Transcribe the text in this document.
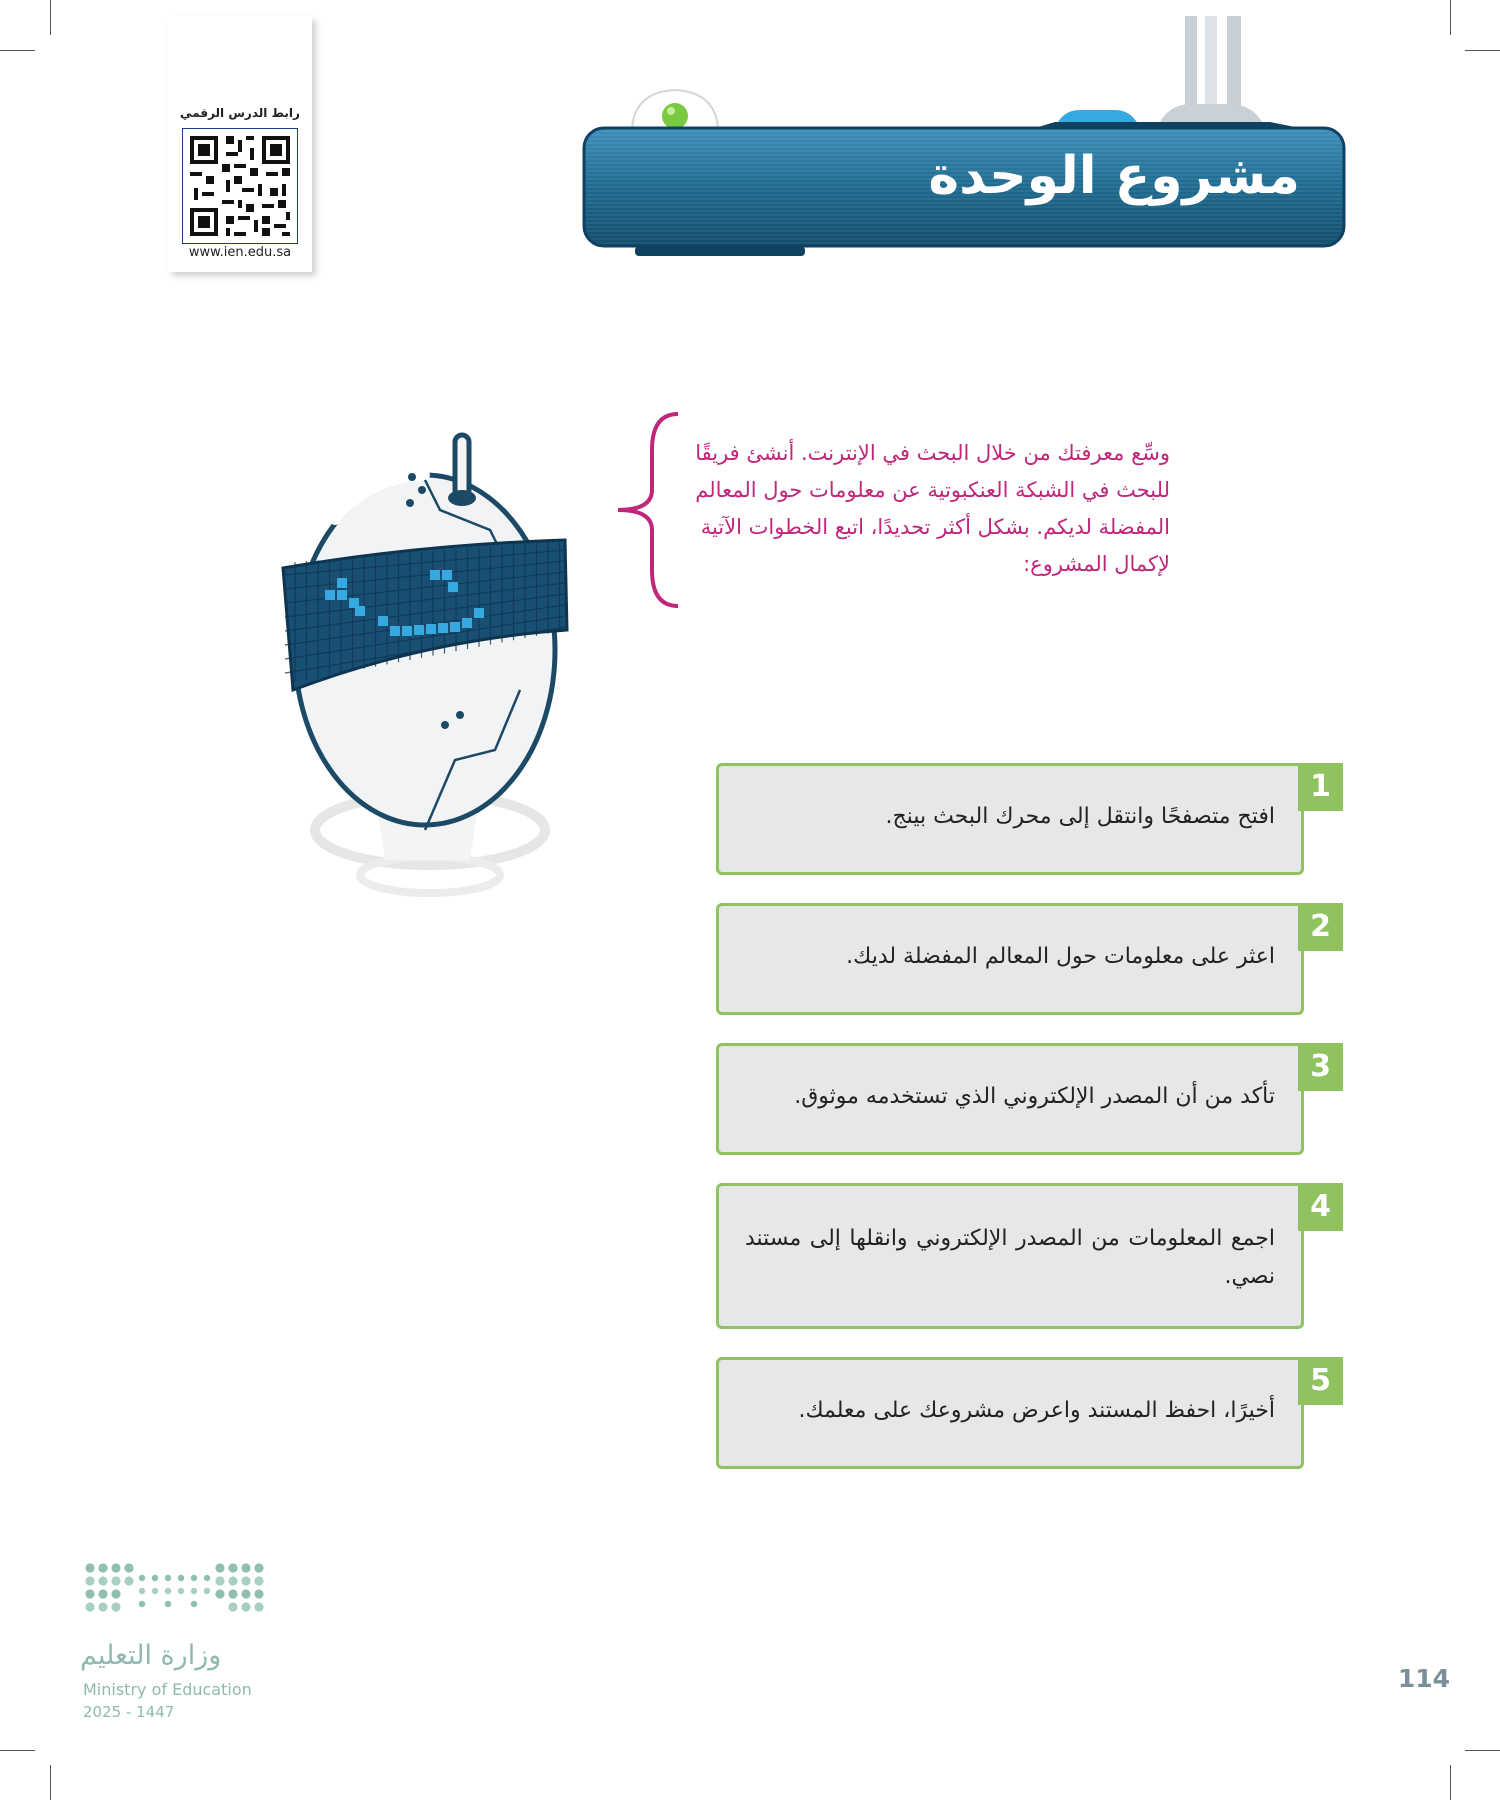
رابط الدرس الرقمي
www.ien.edu.sa
مشروع الوحدة
وسِّع معرفتك من خلال البحث في الإنترنت. أنشئ فريقًا للبحث في الشبكة العنكبوتية عن معلومات حول المعالم المفضلة لديكم. بشكل أكثر تحديدًا، اتبع الخطوات الآتية لإكمال المشروع:
افتح متصفحًا وانتقل إلى محرك البحث بينج.
1
اعثر على معلومات حول المعالم المفضلة لديك.
2
تأكد من أن المصدر الإلكتروني الذي تستخدمه موثوق.
3
اجمع المعلومات من المصدر الإلكتروني وانقلها إلى مستند نصي.
4
أخيرًا، احفظ المستند واعرض مشروعك على معلمك.
5
وزارة التعليم
Ministry of Education
2025 - 1447
114
